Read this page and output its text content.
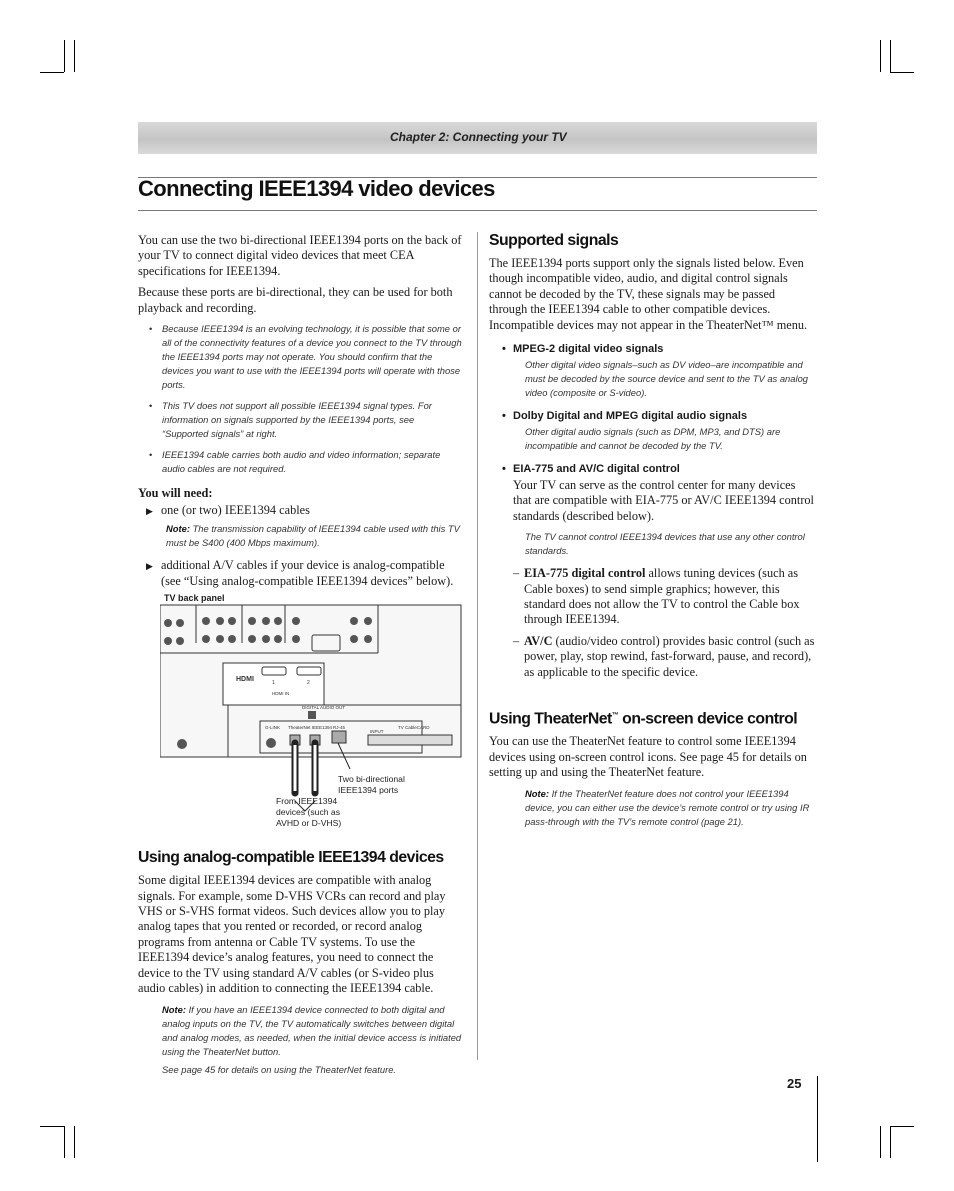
Chapter 2: Connecting your TV
Connecting IEEE1394 video devices

You can use the two bi-directional IEEE1394 ports on the back of your TV to connect digital video devices that meet CEA specifications for IEEE1394.

Because these ports are bi-directional, they can be used for both playback and recording.

• Because IEEE1394 is an evolving technology, it is possible that some or all of the connectivity features of a device you connect to the TV through the IEEE1394 ports may not operate. You should confirm that the devices you want to use with the IEEE1394 ports will operate with those ports.
• This TV does not support all possible IEEE1394 signal types. For information on signals supported by the IEEE1394 ports, see “Supported signals” at right.
• IEEE1394 cable carries both audio and video information; separate audio cables are not required.
You will need:
▶ one (or two) IEEE1394 cables
Note: The transmission capability of IEEE1394 cable used with this TV must be S400 (400 Mbps maximum).
▶ additional A/V cables if your device is analog-compatible (see “Using analog-compatible IEEE1394 devices” below).
TV back panel
HDMI	1	2
HDMI IN
DIGITAL AUDIO OUT
G-LINK TheaterNet IEEE1394 RJ-45	TV CableCARD
INPUT
Two bi-directional IEEE1394 ports
From IEEE1394 devices (such as AVHD or D-VHS)
Using analog-compatible IEEE1394 devices

Some digital IEEE1394 devices are compatible with analog signals. For example, some D-VHS VCRs can record and play VHS or S-VHS format videos. Such devices allow you to play analog tapes that you rented or recorded, or record analog programs from antenna or Cable TV systems. To use the IEEE1394 device’s analog features, you need to connect the device to the TV using standard A/V cables (or S-video plus audio cables) in addition to connecting the IEEE1394 cable.

Note: If you have an IEEE1394 device connected to both digital and analog inputs on the TV, the TV automatically switches between digital and analog modes, as needed, when the initial device access is initiated using the TheaterNet button.
See page 45 for details on using the TheaterNet feature.
Supported signals

The IEEE1394 ports support only the signals listed below. Even though incompatible video, audio, and digital control signals cannot be decoded by the TV, these signals may be passed through the IEEE1394 cable to other compatible devices. Incompatible devices may not appear in the TheaterNet™ menu.

• MPEG-2 digital video signals
Other digital video signals–such as DV video–are incompatible and must be decoded by the source device and sent to the TV as analog video (composite or S-video).
• Dolby Digital and MPEG digital audio signals
Other digital audio signals (such as DPM, MP3, and DTS) are incompatible and cannot be decoded by the TV.
• EIA-775 and AV/C digital control

Your TV can serve as the control center for many devices that are compatible with EIA-775 or AV/C IEEE1394 control standards (described below).

The TV cannot control IEEE1394 devices that use any other control standards.
– EIA-775 digital control allows tuning devices (such as Cable boxes) to send simple graphics; however, this standard does not allow the TV to control the Cable box through IEEE1394.
– AV/C (audio/video control) provides basic control (such as power, play, stop rewind, fast-forward, pause, and record), as applicable to the specific device.
Using TheaterNet™ on-screen device control

You can use the TheaterNet feature to control some IEEE1394 devices using on-screen control icons. See page 45 for details on setting up and using the TheaterNet feature.

Note: If the TheaterNet feature does not control your IEEE1394 device, you can either use the device’s remote control or try using IR pass-through with the TV’s remote control (page 21).
25
